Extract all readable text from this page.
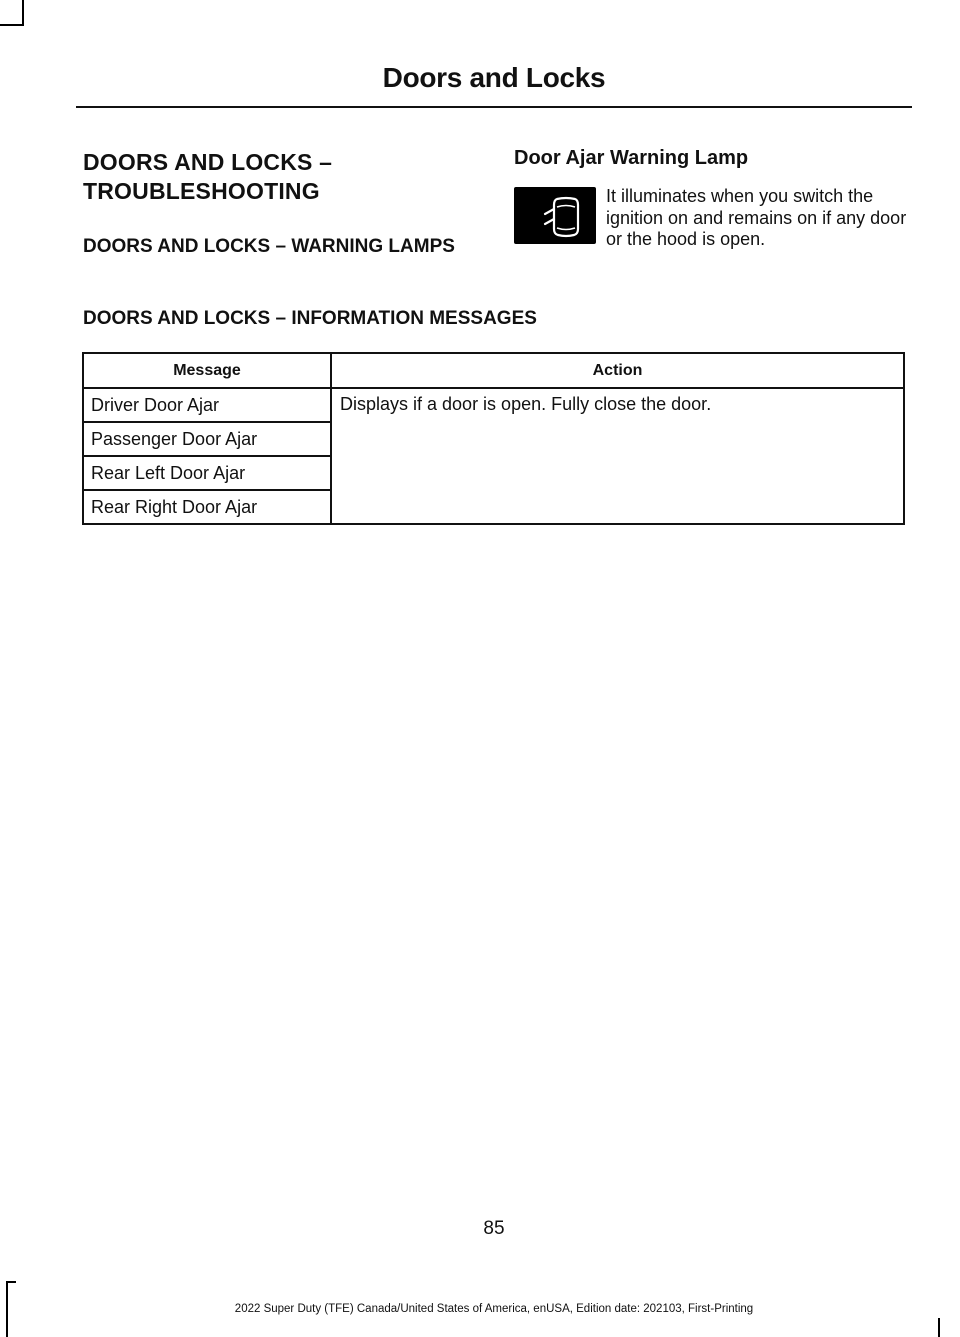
Doors and Locks
DOORS AND LOCKS –
TROUBLESHOOTING
DOORS AND LOCKS – WARNING LAMPS
Door Ajar Warning Lamp
It illuminates when you switch the ignition on and remains on if any door or the hood is open.
DOORS AND LOCKS – INFORMATION MESSAGES
Message	Action
Driver Door Ajar	Displays if a door is open. Fully close the door.
Passenger Door Ajar	
Rear Left Door Ajar	
Rear Right Door Ajar	
85
2022 Super Duty (TFE) Canada/United States of America, enUSA, Edition date: 202103, First-Printing
